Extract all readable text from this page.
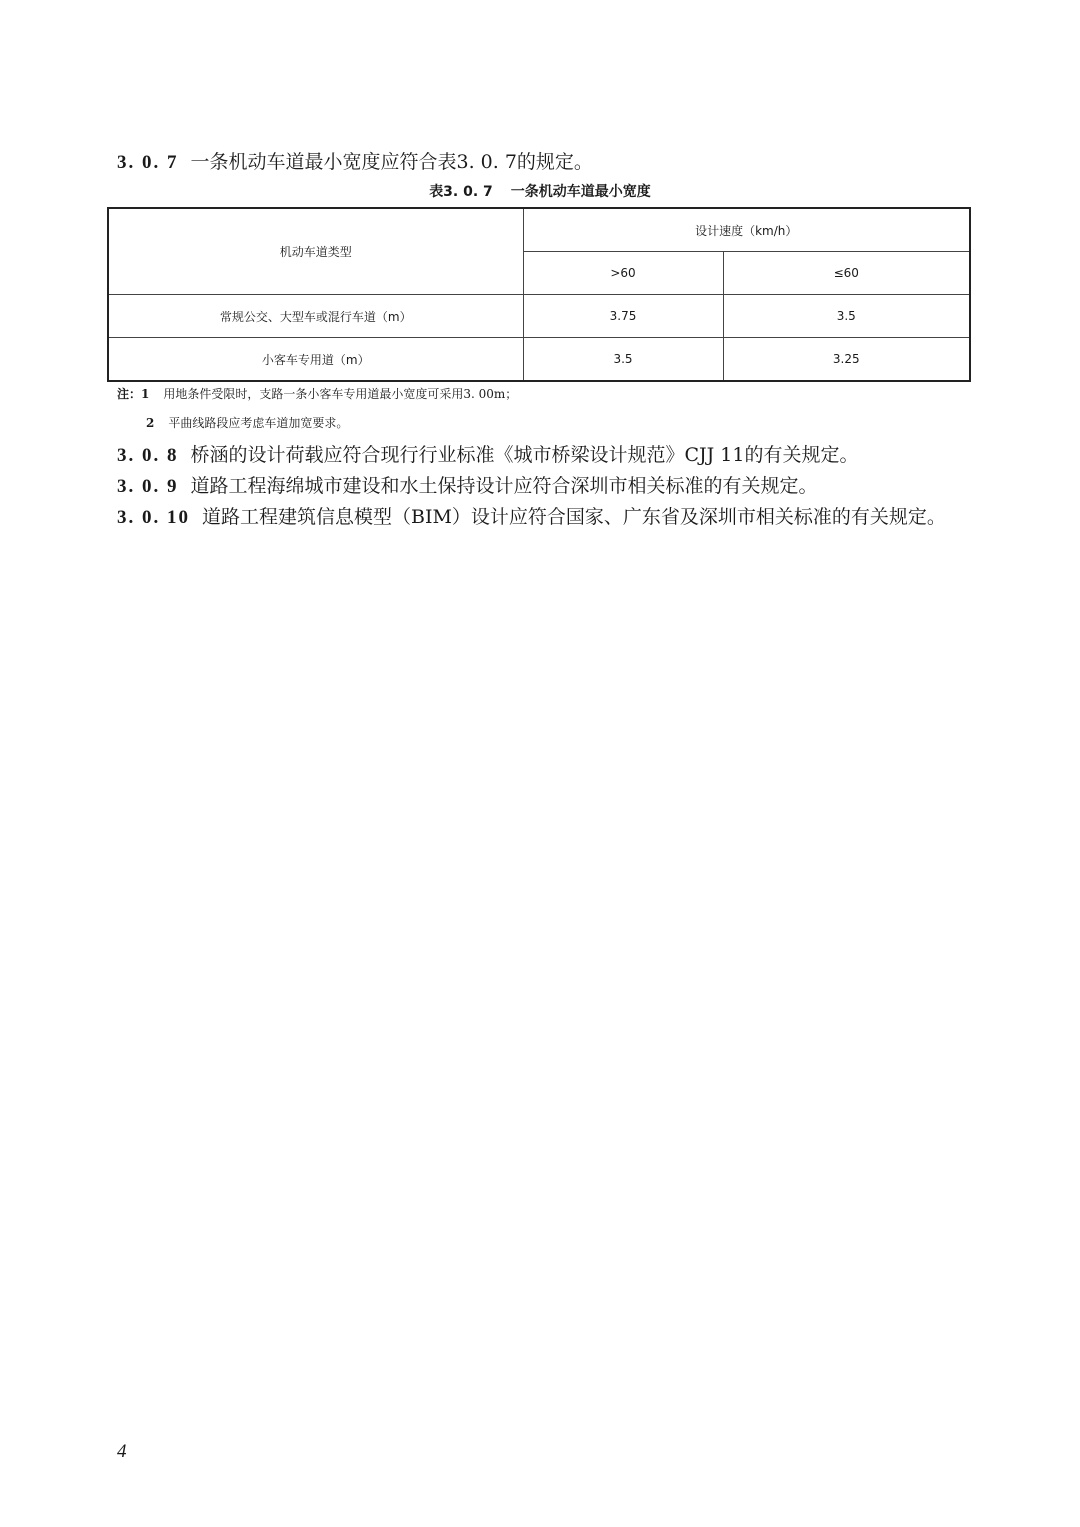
3. 0. 7 一条机动车道最小宽度应符合表3. 0. 7的规定。
表3. 0. 7 一条机动车道最小宽度
机动车道类型	设计速度（km/h）	
	>60	≤60
常规公交、大型车或混行车道（m）	3.75	3.5
小客车专用道（m）	3.5	3.25
注：1 用地条件受限时，支路一条小客车专用道最小宽度可采用3. 00m；
2 平曲线路段应考虑车道加宽要求。
3. 0. 8 桥涵的设计荷载应符合现行行业标准《城市桥梁设计规范》CJJ 11的有关规定。
3. 0. 9 道路工程海绵城市建设和水土保持设计应符合深圳市相关标准的有关规定。
3. 0. 10 道路工程建筑信息模型（BIM）设计应符合国家、广东省及深圳市相关标准的有关规定。
4
